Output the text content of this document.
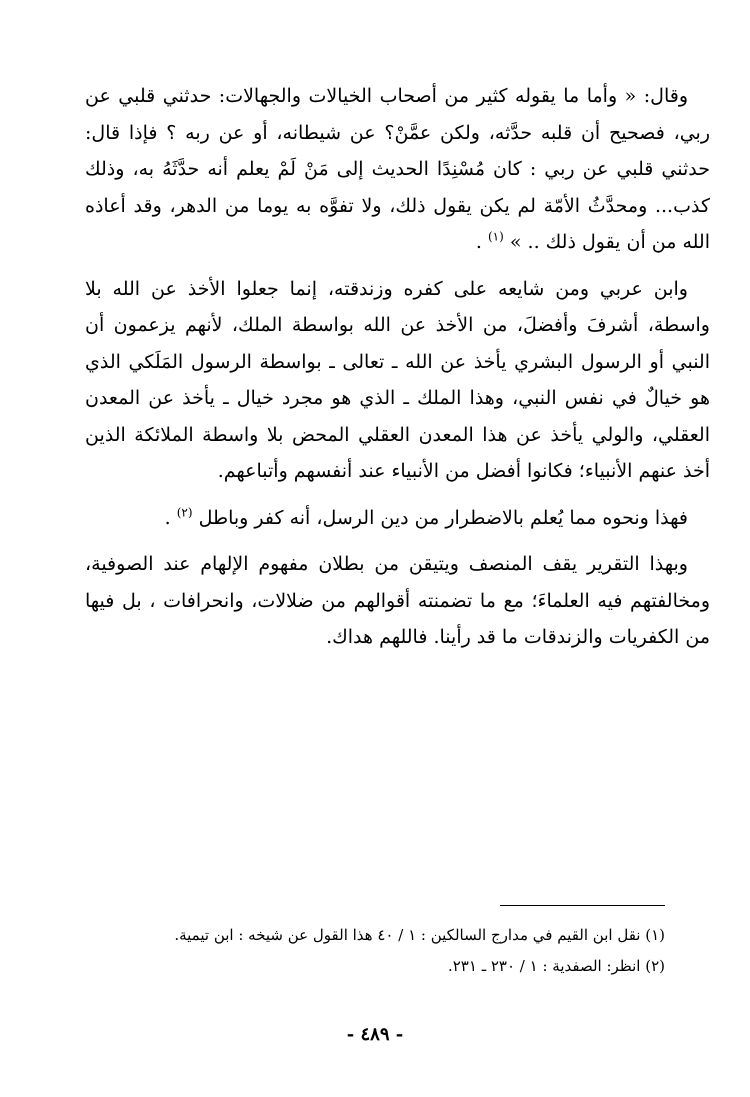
وقال: « وأما ما يقوله كثير من أصحاب الخيالات والجهالات: حدثني قلبي عن ربي، فصحيح أن قلبه حدَّثه، ولكن عمَّنْ؟ عن شيطانه، أو عن ربه ؟ فإذا قال: حدثني قلبي عن ربي : كان مُسْنِدًا الحديث إلى مَنْ لَمْ يعلم أنه حدَّثَهُ به، وذلك كذب... ومحدَّثُ الأمّة لم يكن يقول ذلك، ولا تفوَّه به يوما من الدهر، وقد أعاذه الله من أن يقول ذلك .. » $^{(١)}$ .

وابن عربي ومن شايعه على كفره وزندقته، إنما جعلوا الأخذ عن الله بلا واسطة، أشرفَ وأفضلَ، من الأخذ عن الله بواسطة الملك، لأنهم يزعمون أن النبي أو الرسول البشري يأخذ عن الله ـ تعالى ـ بواسطة الرسول المَلَكي الذي هو خيالٌ في نفس النبي، وهذا الملك ـ الذي هو مجرد خيال ـ يأخذ عن المعدن العقلي، والولي يأخذ عن هذا المعدن العقلي المحض بلا واسطة الملائكة الذين أخذ عنهم الأنبياء؛ فكانوا أفضل من الأنبياء عند أنفسهم وأتباعهم.

فهذا ونحوه مما يُعلم بالاضطرار من دين الرسل، أنه كفر وباطل $^{(٢)}$ .

وبهذا التقرير يقف المنصف ويتيقن من بطلان مفهوم الإلهام عند الصوفية، ومخالفتهم فيه العلماءَ؛ مع ما تضمنته أقوالهم من ضلالات، وانحرافات ، بل فيها من الكفريات والزندقات ما قد رأينا. فاللهم هداك.

(١) نقل ابن القيم في مدارج السالكين : ١ / ٤٠ هذا القول عن شيخه : ابن تيمية.

(٢) انظر: الصفدية : ١ / ٢٣٠ ـ ٢٣١.

- ٤٨٩ -
